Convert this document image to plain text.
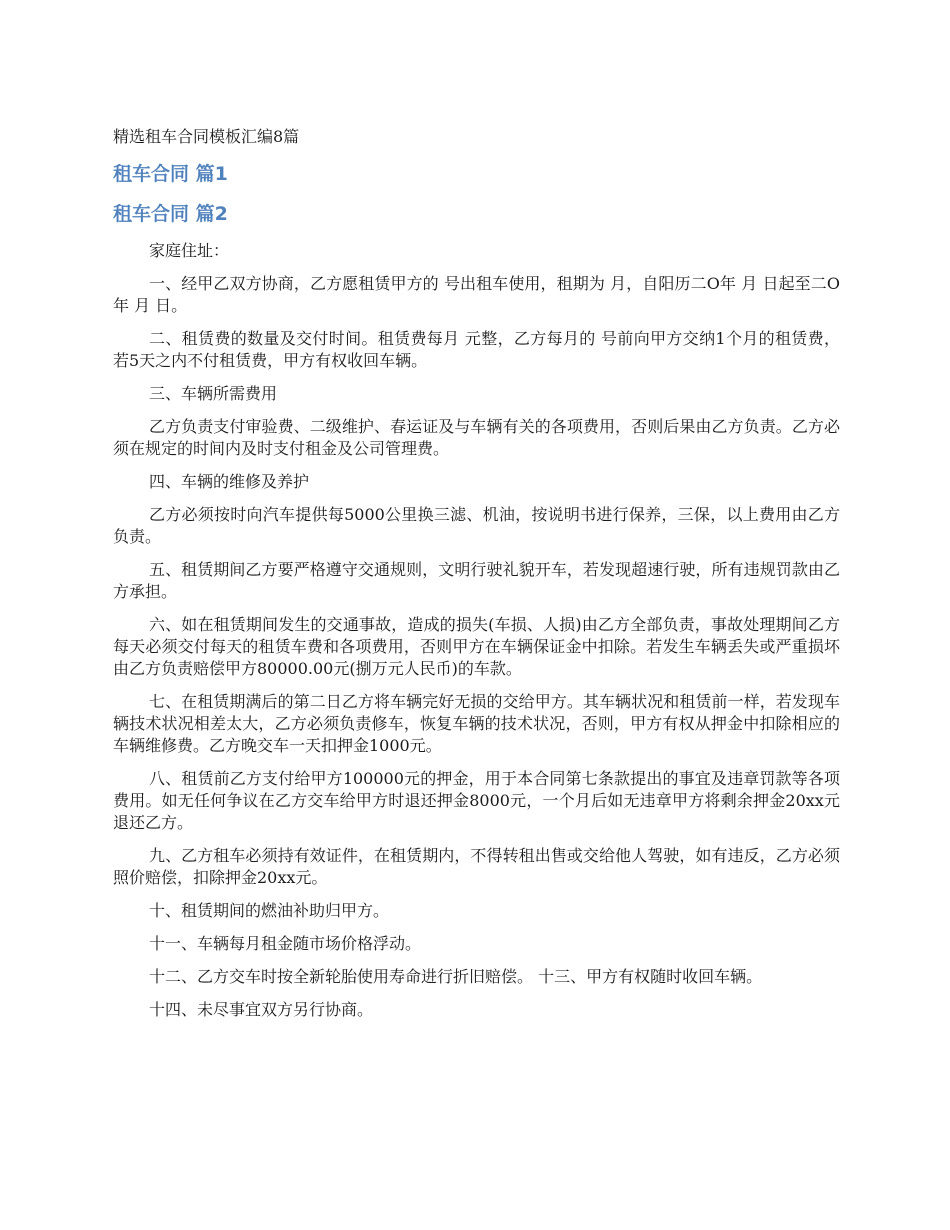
精选租车合同模板汇编8篇
租车合同 篇1
租车合同 篇2

家庭住址：

一、经甲乙双方协商，乙方愿租赁甲方的 号出租车使用，租期为 月，自阳历二O年 月 日起至二O年 月 日。

二、租赁费的数量及交付时间。租赁费每月 元整，乙方每月的 号前向甲方交纳1个月的租赁费，若5天之内不付租赁费，甲方有权收回车辆。

三、车辆所需费用

乙方负责支付审验费、二级维护、春运证及与车辆有关的各项费用，否则后果由乙方负责。乙方必须在规定的时间内及时支付租金及公司管理费。

四、车辆的维修及养护

乙方必须按时向汽车提供每5000公里换三滤、机油，按说明书进行保养，三保，以上费用由乙方负责。

五、租赁期间乙方要严格遵守交通规则，文明行驶礼貌开车，若发现超速行驶，所有违规罚款由乙方承担。

六、如在租赁期间发生的交通事故，造成的损失(车损、人损)由乙方全部负责，事故处理期间乙方每天必须交付每天的租赁车费和各项费用，否则甲方在车辆保证金中扣除。若发生车辆丢失或严重损坏由乙方负责赔偿甲方80000.00元(捌万元人民币)的车款。

七、在租赁期满后的第二日乙方将车辆完好无损的交给甲方。其车辆状况和租赁前一样，若发现车辆技术状况相差太大，乙方必须负责修车，恢复车辆的技术状况，否则，甲方有权从押金中扣除相应的车辆维修费。乙方晚交车一天扣押金1000元。

八、租赁前乙方支付给甲方100000元的押金，用于本合同第七条款提出的事宜及违章罚款等各项费用。如无任何争议在乙方交车给甲方时退还押金8000元，一个月后如无违章甲方将剩余押金20xx元退还乙方。

九、乙方租车必须持有效证件，在租赁期内，不得转租出售或交给他人驾驶，如有违反，乙方必须照价赔偿，扣除押金20xx元。

十、租赁期间的燃油补助归甲方。

十一、车辆每月租金随市场价格浮动。

十二、乙方交车时按全新轮胎使用寿命进行折旧赔偿。 十三、甲方有权随时收回车辆。

十四、未尽事宜双方另行协商。
